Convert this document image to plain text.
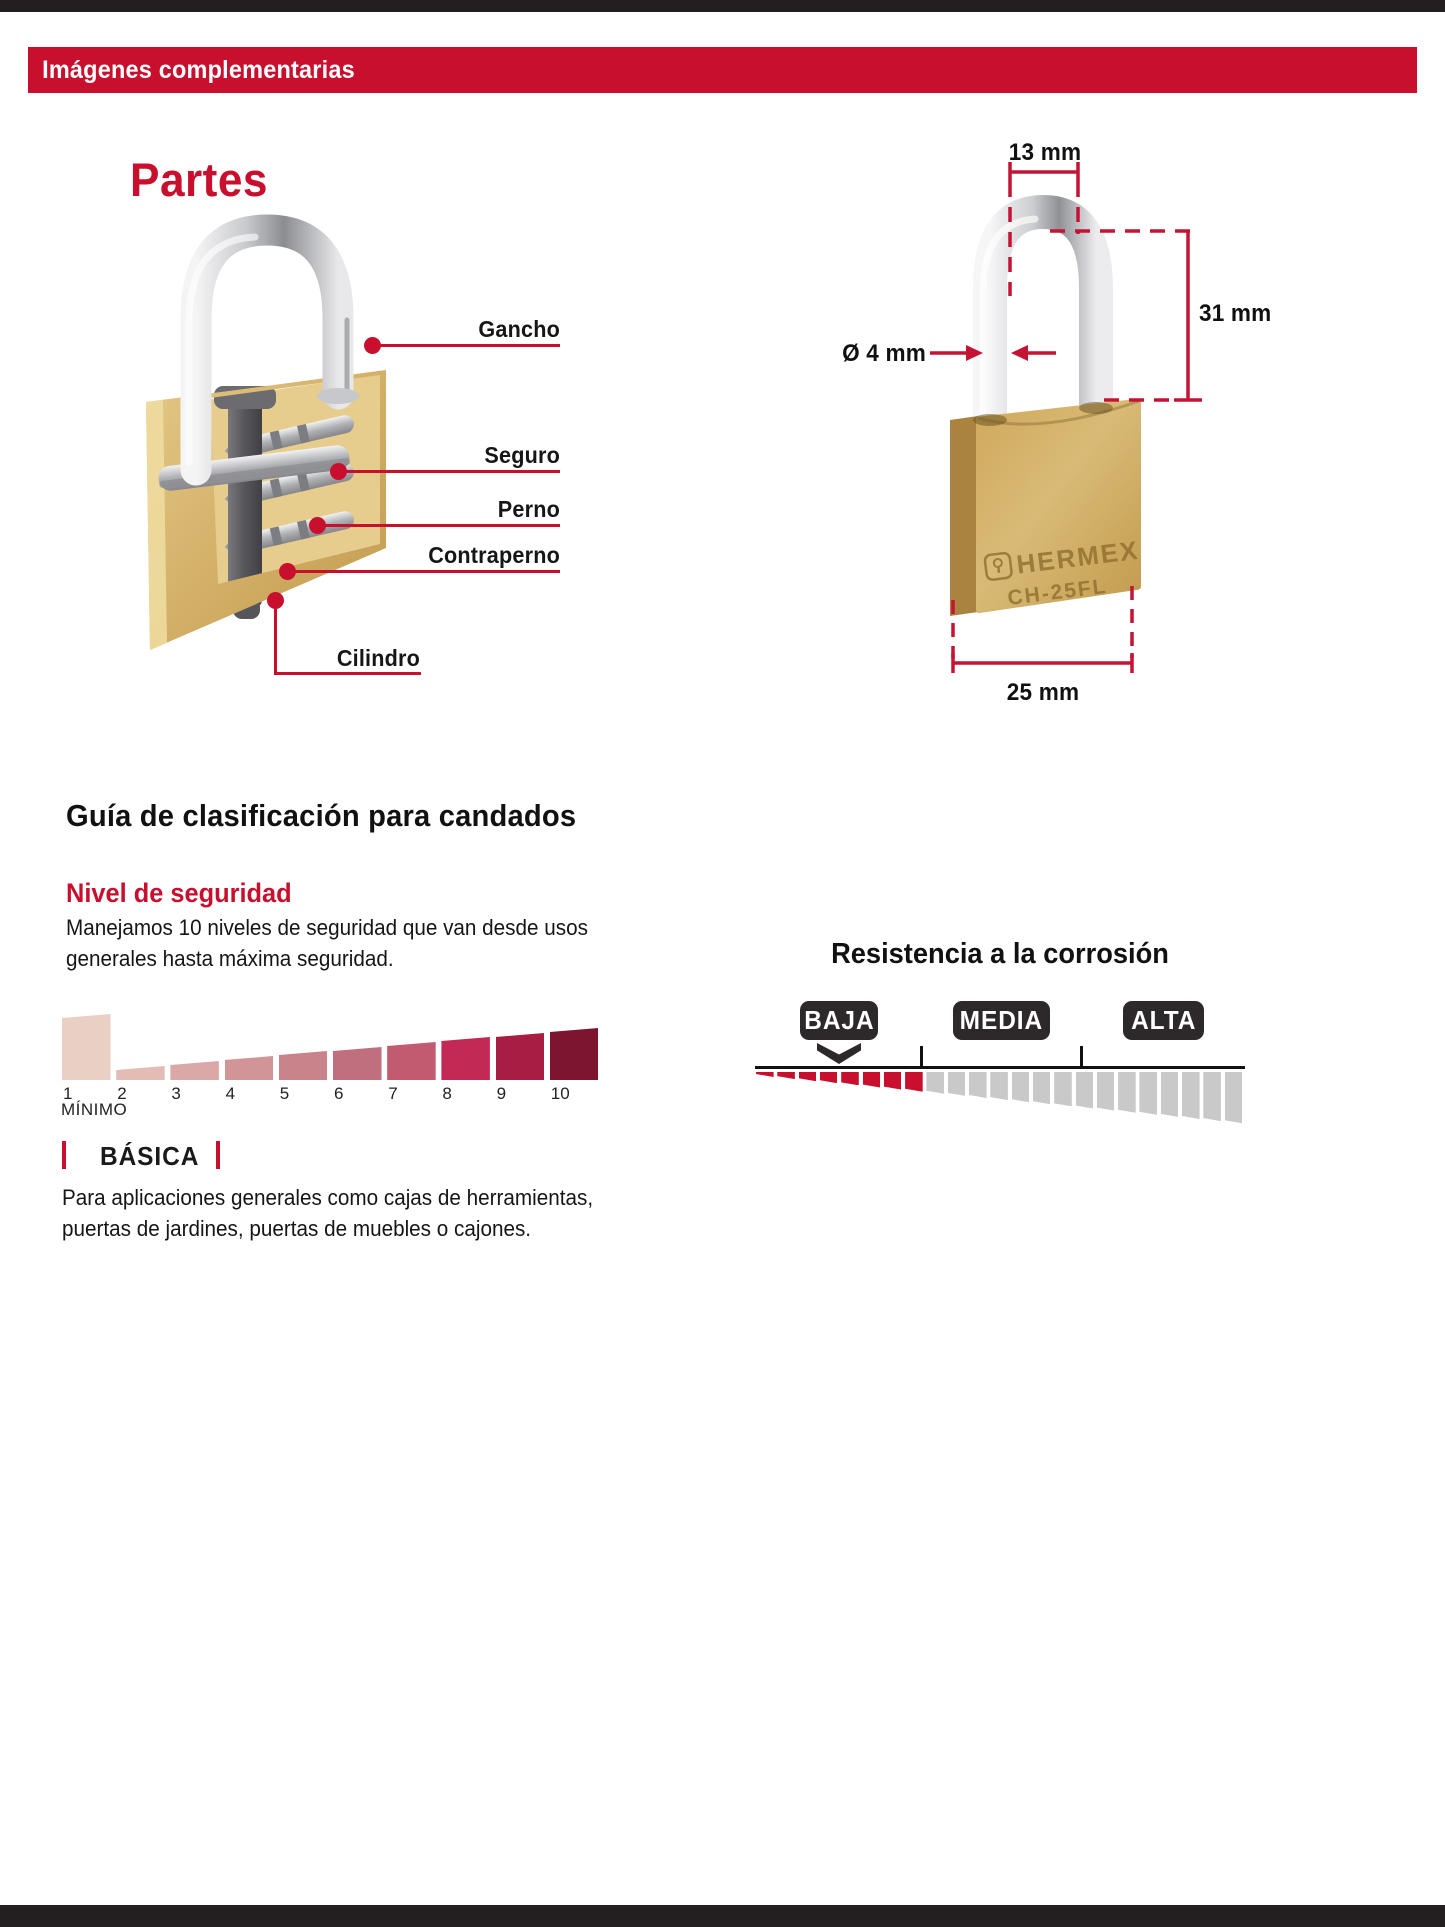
Imágenes complementarias
Partes
Gancho
Seguro
Perno
Contraperno
Cilindro
HERMEX
CH-25FL
13 mm
31 mm
Ø 4 mm
25 mm
Guía de clasificación para candados
Nivel de seguridad
Manejamos 10 niveles de seguridad que van desde usos
generales hasta máxima seguridad.
1	2	3	4	5	6	7	8	9	10
MÍNIMO
BÁSICA
Para aplicaciones generales como cajas de herramientas,
puertas de jardines, puertas de muebles o cajones.
Resistencia a la corrosión
BAJA	MEDIA	ALTA
